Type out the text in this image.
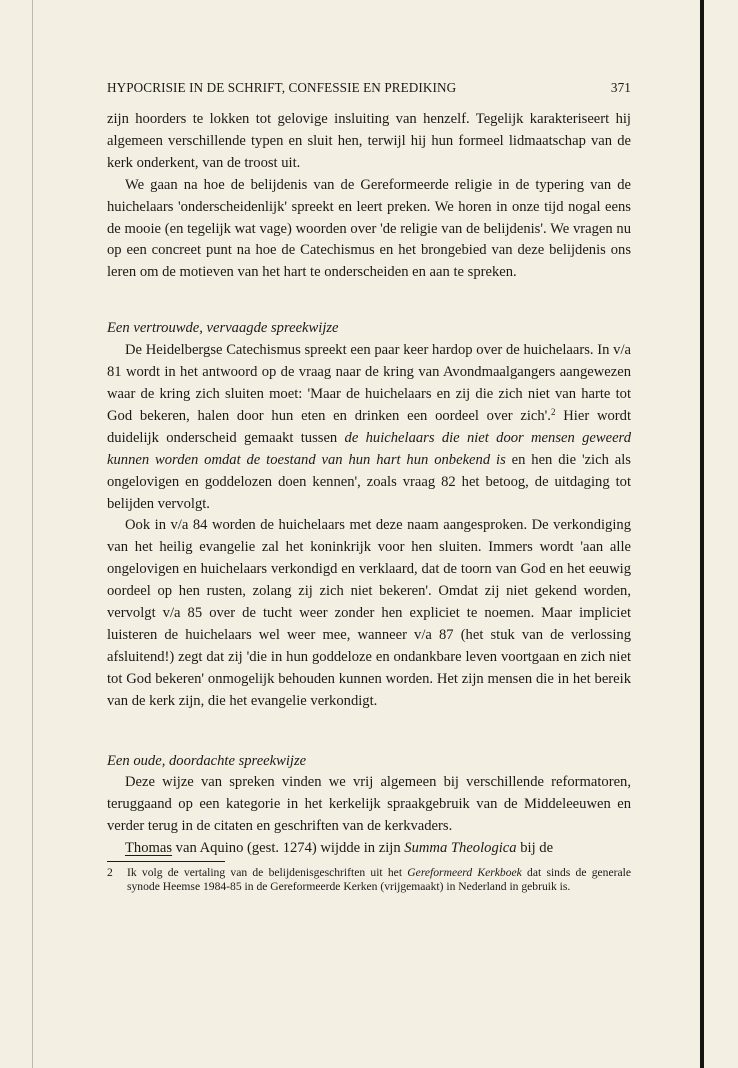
HYPOCRISIE IN DE SCHRIFT, CONFESSIE EN PREDIKING	371

zijn hoorders te lokken tot gelovige insluiting van henzelf. Tegelijk karakteriseert hij algemeen verschillende typen en sluit hen, terwijl hij hun formeel lidmaatschap van de kerk onderkent, van de troost uit.

We gaan na hoe de belijdenis van de Gereformeerde religie in de typering van de huichelaars 'onderscheidenlijk' spreekt en leert preken. We horen in onze tijd nogal eens de mooie (en tegelijk wat vage) woorden over 'de religie van de belijdenis'. We vragen nu op een concreet punt na hoe de Catechismus en het brongebied van deze belijdenis ons leren om de motieven van het hart te onderscheiden en aan te spreken.

Een vertrouwde, vervaagde spreekwijze

De Heidelbergse Catechismus spreekt een paar keer hardop over de huichelaars. In v/a 81 wordt in het antwoord op de vraag naar de kring van Avondmaalgangers aangewezen waar de kring zich sluiten moet: 'Maar de huichelaars en zij die zich niet van harte tot God bekeren, halen door hun eten en drinken een oordeel over zich'.$^2$ Hier wordt duidelijk onderscheid gemaakt tussen de huichelaars die niet door mensen geweerd kunnen worden omdat de toestand van hun hart hun onbekend is en hen die 'zich als ongelovigen en goddelozen doen kennen', zoals vraag 82 het betoog, de uitdaging tot belijden vervolgt.

Ook in v/a 84 worden de huichelaars met deze naam aangesproken. De verkondiging van het heilig evangelie zal het koninkrijk voor hen sluiten. Immers wordt 'aan alle ongelovigen en huichelaars verkondigd en verklaard, dat de toorn van God en het eeuwig oordeel op hen rusten, zolang zij zich niet bekeren'. Omdat zij niet gekend worden, vervolgt v/a 85 over de tucht weer zonder hen expliciet te noemen. Maar impliciet luisteren de huichelaars wel weer mee, wanneer v/a 87 (het stuk van de verlossing afsluitend!) zegt dat zij 'die in hun goddeloze en ondankbare leven voortgaan en zich niet tot God bekeren' onmogelijk behouden kunnen worden. Het zijn mensen die in het bereik van de kerk zijn, die het evangelie verkondigt.

Een oude, doordachte spreekwijze

Deze wijze van spreken vinden we vrij algemeen bij verschillende reformatoren, teruggaand op een kategorie in het kerkelijk spraakgebruik van de Middeleeuwen en verder terug in de citaten en geschriften van de kerkvaders.

Thomas van Aquino (gest. 1274) wijdde in zijn Summa Theologica bij de

2	Ik volg de vertaling van de belijdenisgeschriften uit het Gereformeerd Kerkboek dat sinds de generale synode Heemse 1984-85 in de Gereformeerde Kerken (vrijgemaakt) in Nederland in gebruik is.
